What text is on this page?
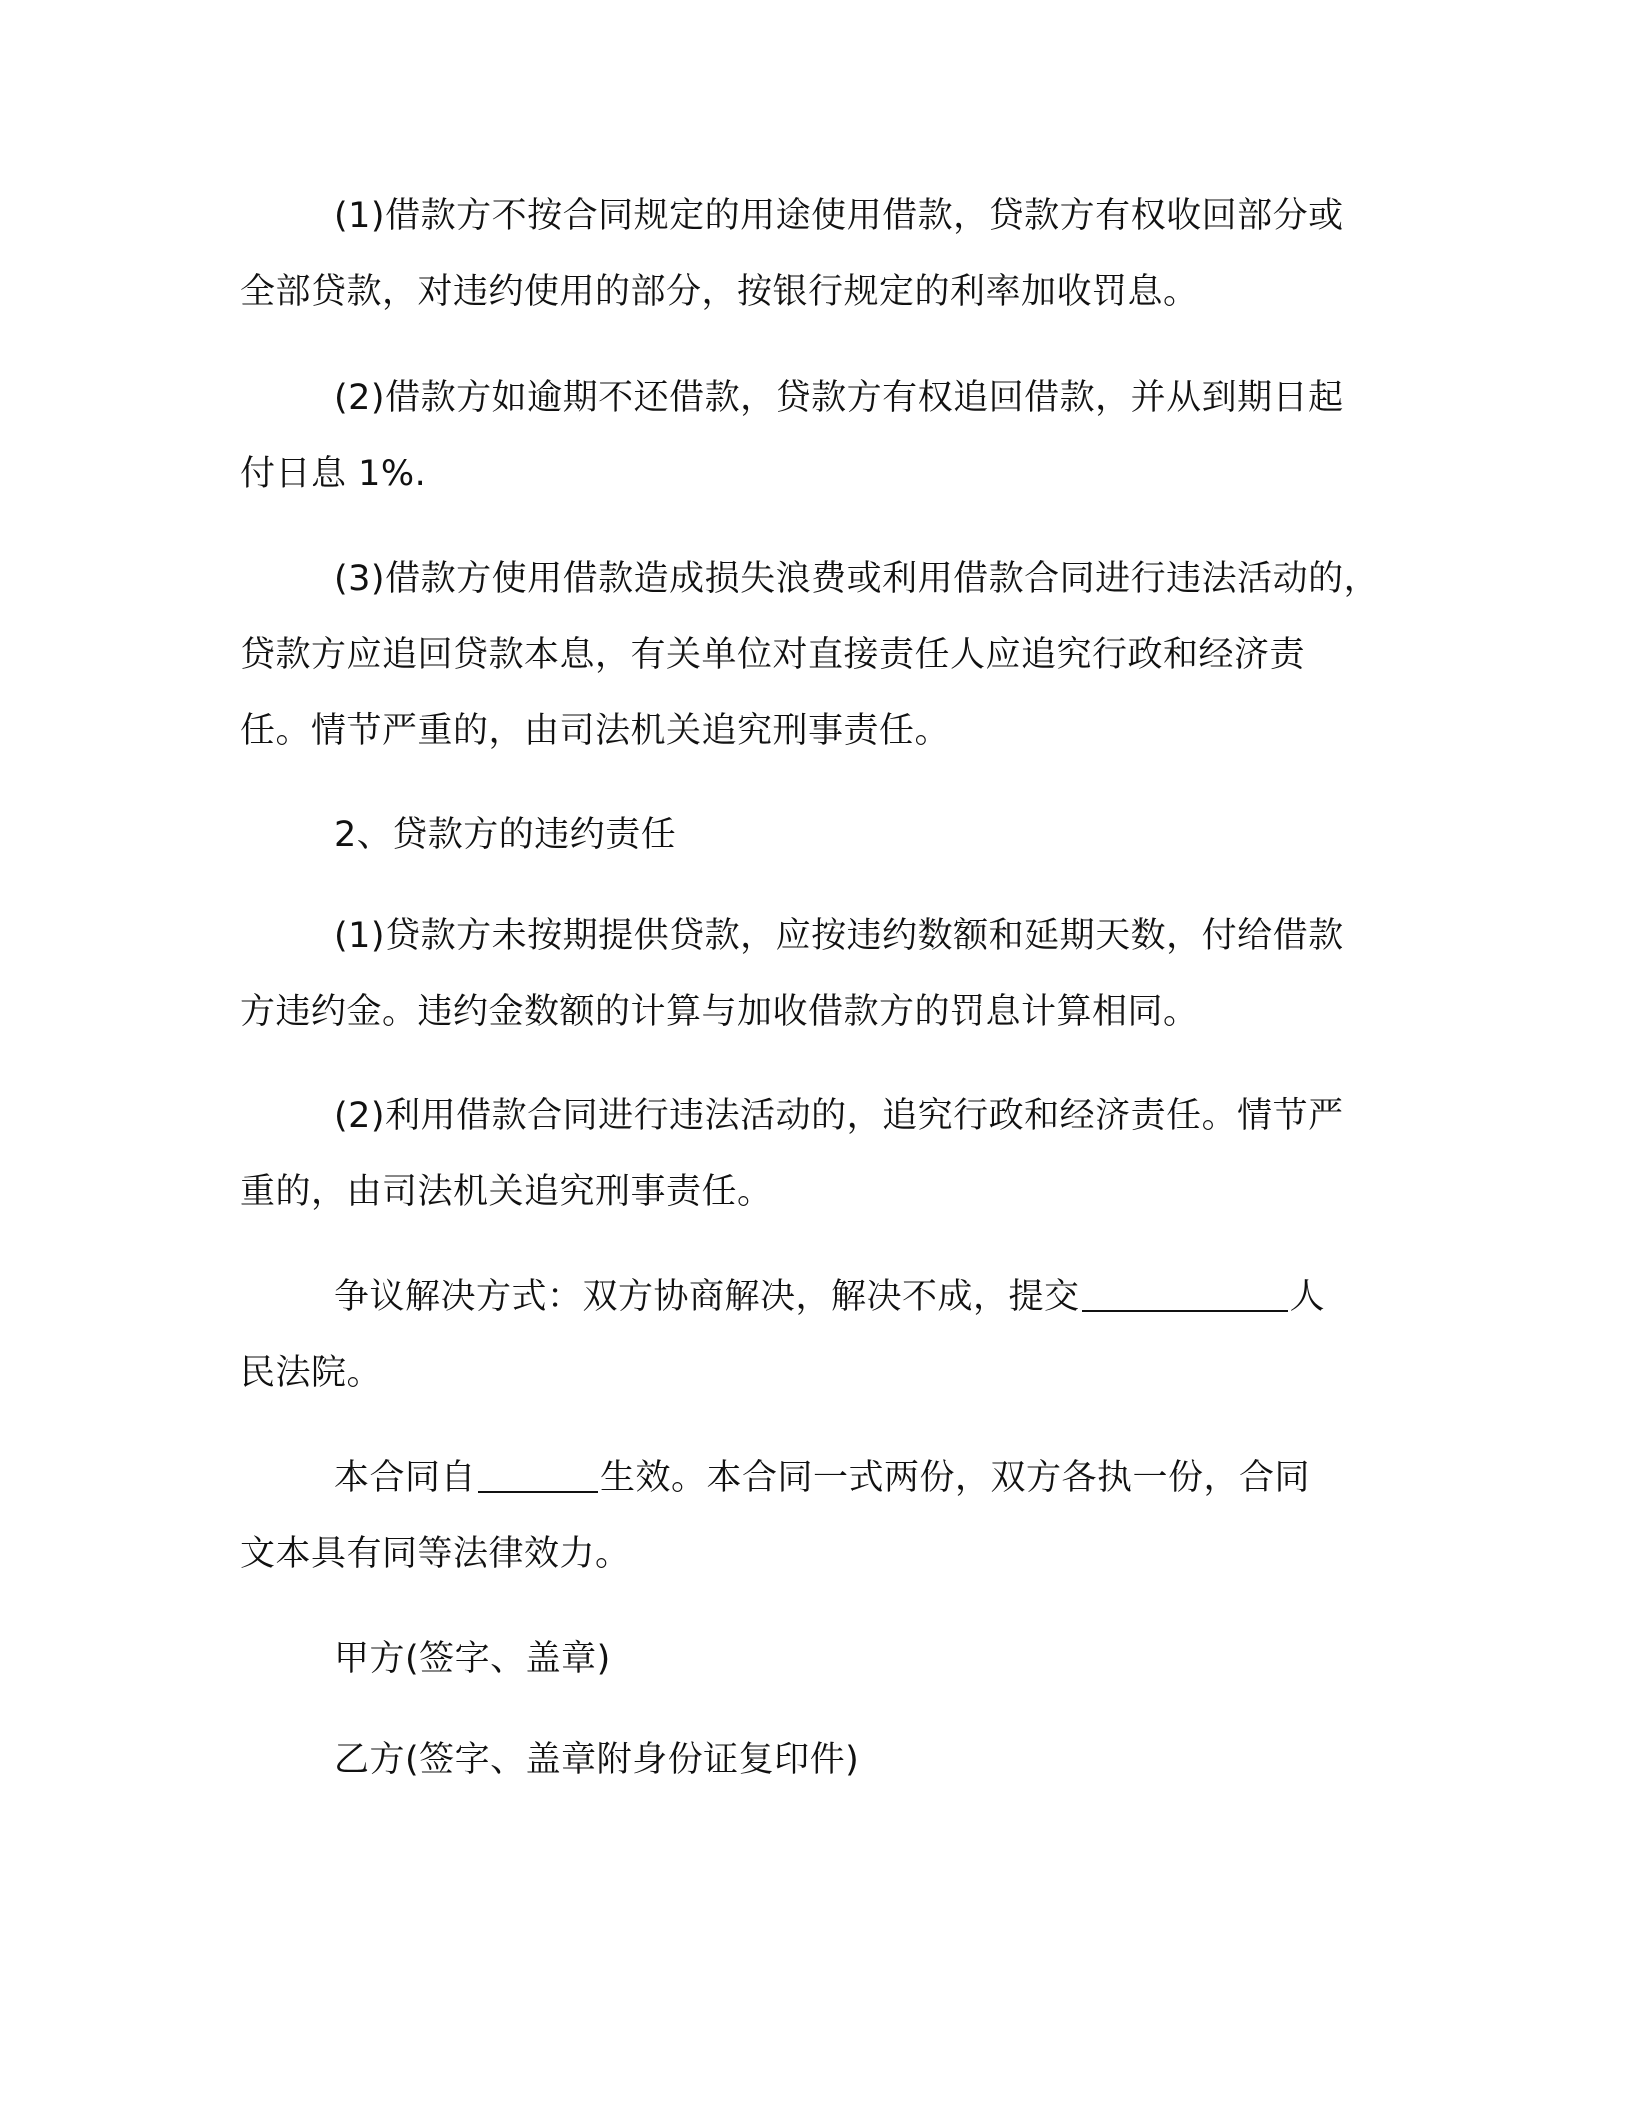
(1)借款方不按合同规定的用途使用借款，贷款方有权收回部分或
全部贷款，对违约使用的部分，按银行规定的利率加收罚息。

(2)借款方如逾期不还借款，贷款方有权追回借款，并从到期日起
付日息 1%.

(3)借款方使用借款造成损失浪费或利用借款合同进行违法活动的，
贷款方应追回贷款本息，有关单位对直接责任人应追究行政和经济责
任。情节严重的，由司法机关追究刑事责任。

2、贷款方的违约责任

(1)贷款方未按期提供贷款，应按违约数额和延期天数，付给借款
方违约金。违约金数额的计算与加收借款方的罚息计算相同。

(2)利用借款合同进行违法活动的，追究行政和经济责任。情节严
重的，由司法机关追究刑事责任。

争议解决方式：双方协商解决，解决不成，提交	人
民法院。

本合同自	生效。本合同一式两份，双方各执一份，合同
文本具有同等法律效力。

甲方(签字、盖章)

乙方(签字、盖章附身份证复印件)
